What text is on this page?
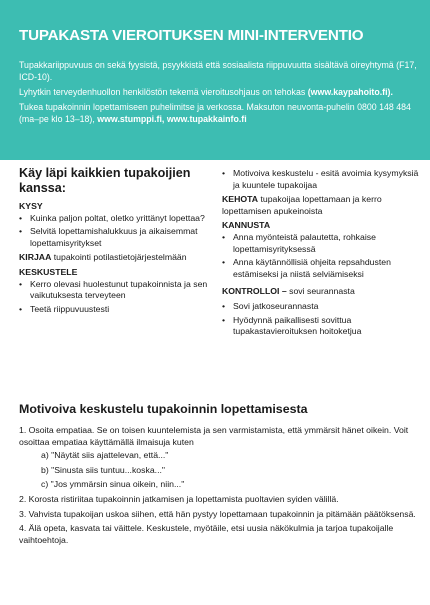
TUPAKASTA VIEROITUKSEN MINI-INTERVENTIO

Tupakkariippuvuus on sekä fyysistä, psyykkistä että sosiaalista riippuvuutta sisältävä oireyhtymä (F17, ICD-10).

Lyhytkin terveydenhuollon henkilöstön tekemä vieroitusohjaus on tehokas (www.kaypahoito.fi).

Tukea tupakoinnin lopettamiseen puhelimitse ja verkossa. Maksuton neuvonta-puhelin 0800 148 484 (ma–pe klo 13–18), www.stumppi.fi, www.tupakkainfo.fi

Käy läpi kaikkien tupakoijien kanssa:

KYSY

• Kuinka paljon poltat, oletko yrittänyt lopettaa?
• Selvitä lopettamishalukkuus ja aikaisemmat lopettamisyritykset

KIRJAA tupakointi potilastietojärjestelmään

KESKUSTELE

• Kerro olevasi huolestunut tupakoinnista ja sen vaikutuksesta terveyteen
• Teetä riippuvuustesti
• Motivoiva keskustelu - esitä avoimia kysymyksiä ja kuuntele tupakoijaa

KEHOTA tupakoijaa lopettamaan ja kerro lopettamisen apukeinoista

KANNUSTA

• Anna myönteistä palautetta, rohkaise lopettamisyrityksessä
• Anna käytännöllisiä ohjeita repsahdusten estämiseksi ja niistä selviämiseksi

KONTROLLOI – sovi seurannasta

• Sovi jatkoseurannasta
• Hyödynnä paikallisesti sovittua tupakastavieroituksen hoitoketjua
Motivoiva keskustelu tupakoinnin lopettamisesta
1. Osoita empatiaa. Se on toisen kuuntelemista ja sen varmistamista, että ymmärsit hänet oikein. Voit osoittaa empatiaa käyttämällä ilmaisuja kuten
a) "Näytät siis ajattelevan, että..."
b) "Sinusta siis tuntuu...koska..."
c) "Jos ymmärsin sinua oikein, niin..."
2. Korosta ristiriitaa tupakoinnin jatkamisen ja lopettamista puoltavien syiden välillä.
3. Vahvista tupakoijan uskoa siihen, että hän pystyy lopettamaan tupakoinnin ja pitämään päätöksensä.
4. Älä opeta, kasvata tai väittele. Keskustele, myötäile, etsi uusia näkökulmia ja tarjoa tupakoijalle vaihtoehtoja.
